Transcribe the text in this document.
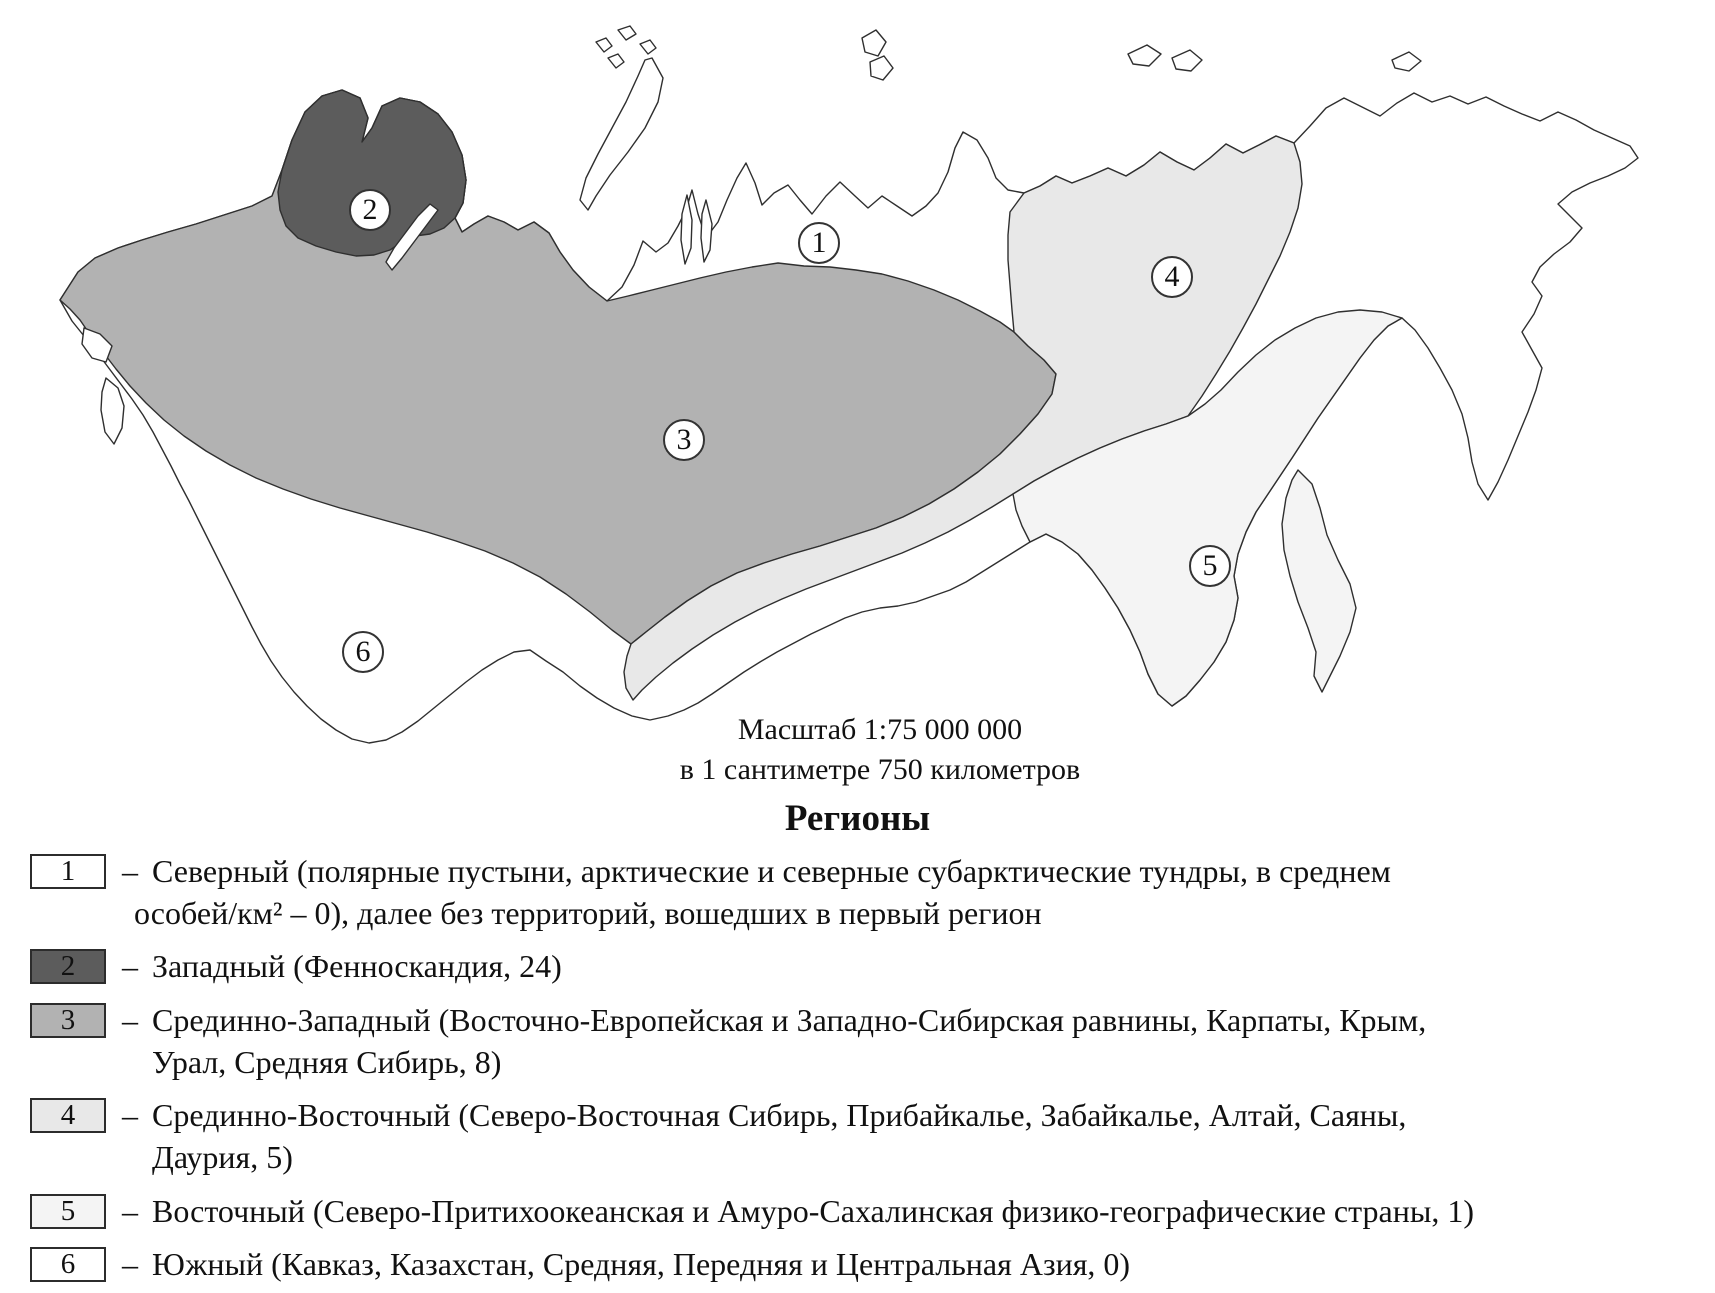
1
2
3
4
5
6
Масштаб 1:75 000 000
в 1 сантиметре 750 километров
Регионы
1 – Северный (полярные пустыни, арктические и северные субарктические тундры, в среднем
особей/км² – 0), далее без территорий, вошедших в первый регион
2 – Западный (Фенноскандия, 24)
3 – Срединно-Западный (Восточно-Европейская и Западно-Сибирская равнины, Карпаты, Крым,
Урал, Средняя Сибирь, 8)
4 – Срединно-Восточный (Северо-Восточная Сибирь, Прибайкалье, Забайкалье, Алтай, Саяны,
Даурия, 5)
5 – Восточный (Северо-Притихоокеанская и Амуро-Сахалинская физико-географические страны, 1)
6 – Южный (Кавказ, Казахстан, Средняя, Передняя и Центральная Азия, 0)
